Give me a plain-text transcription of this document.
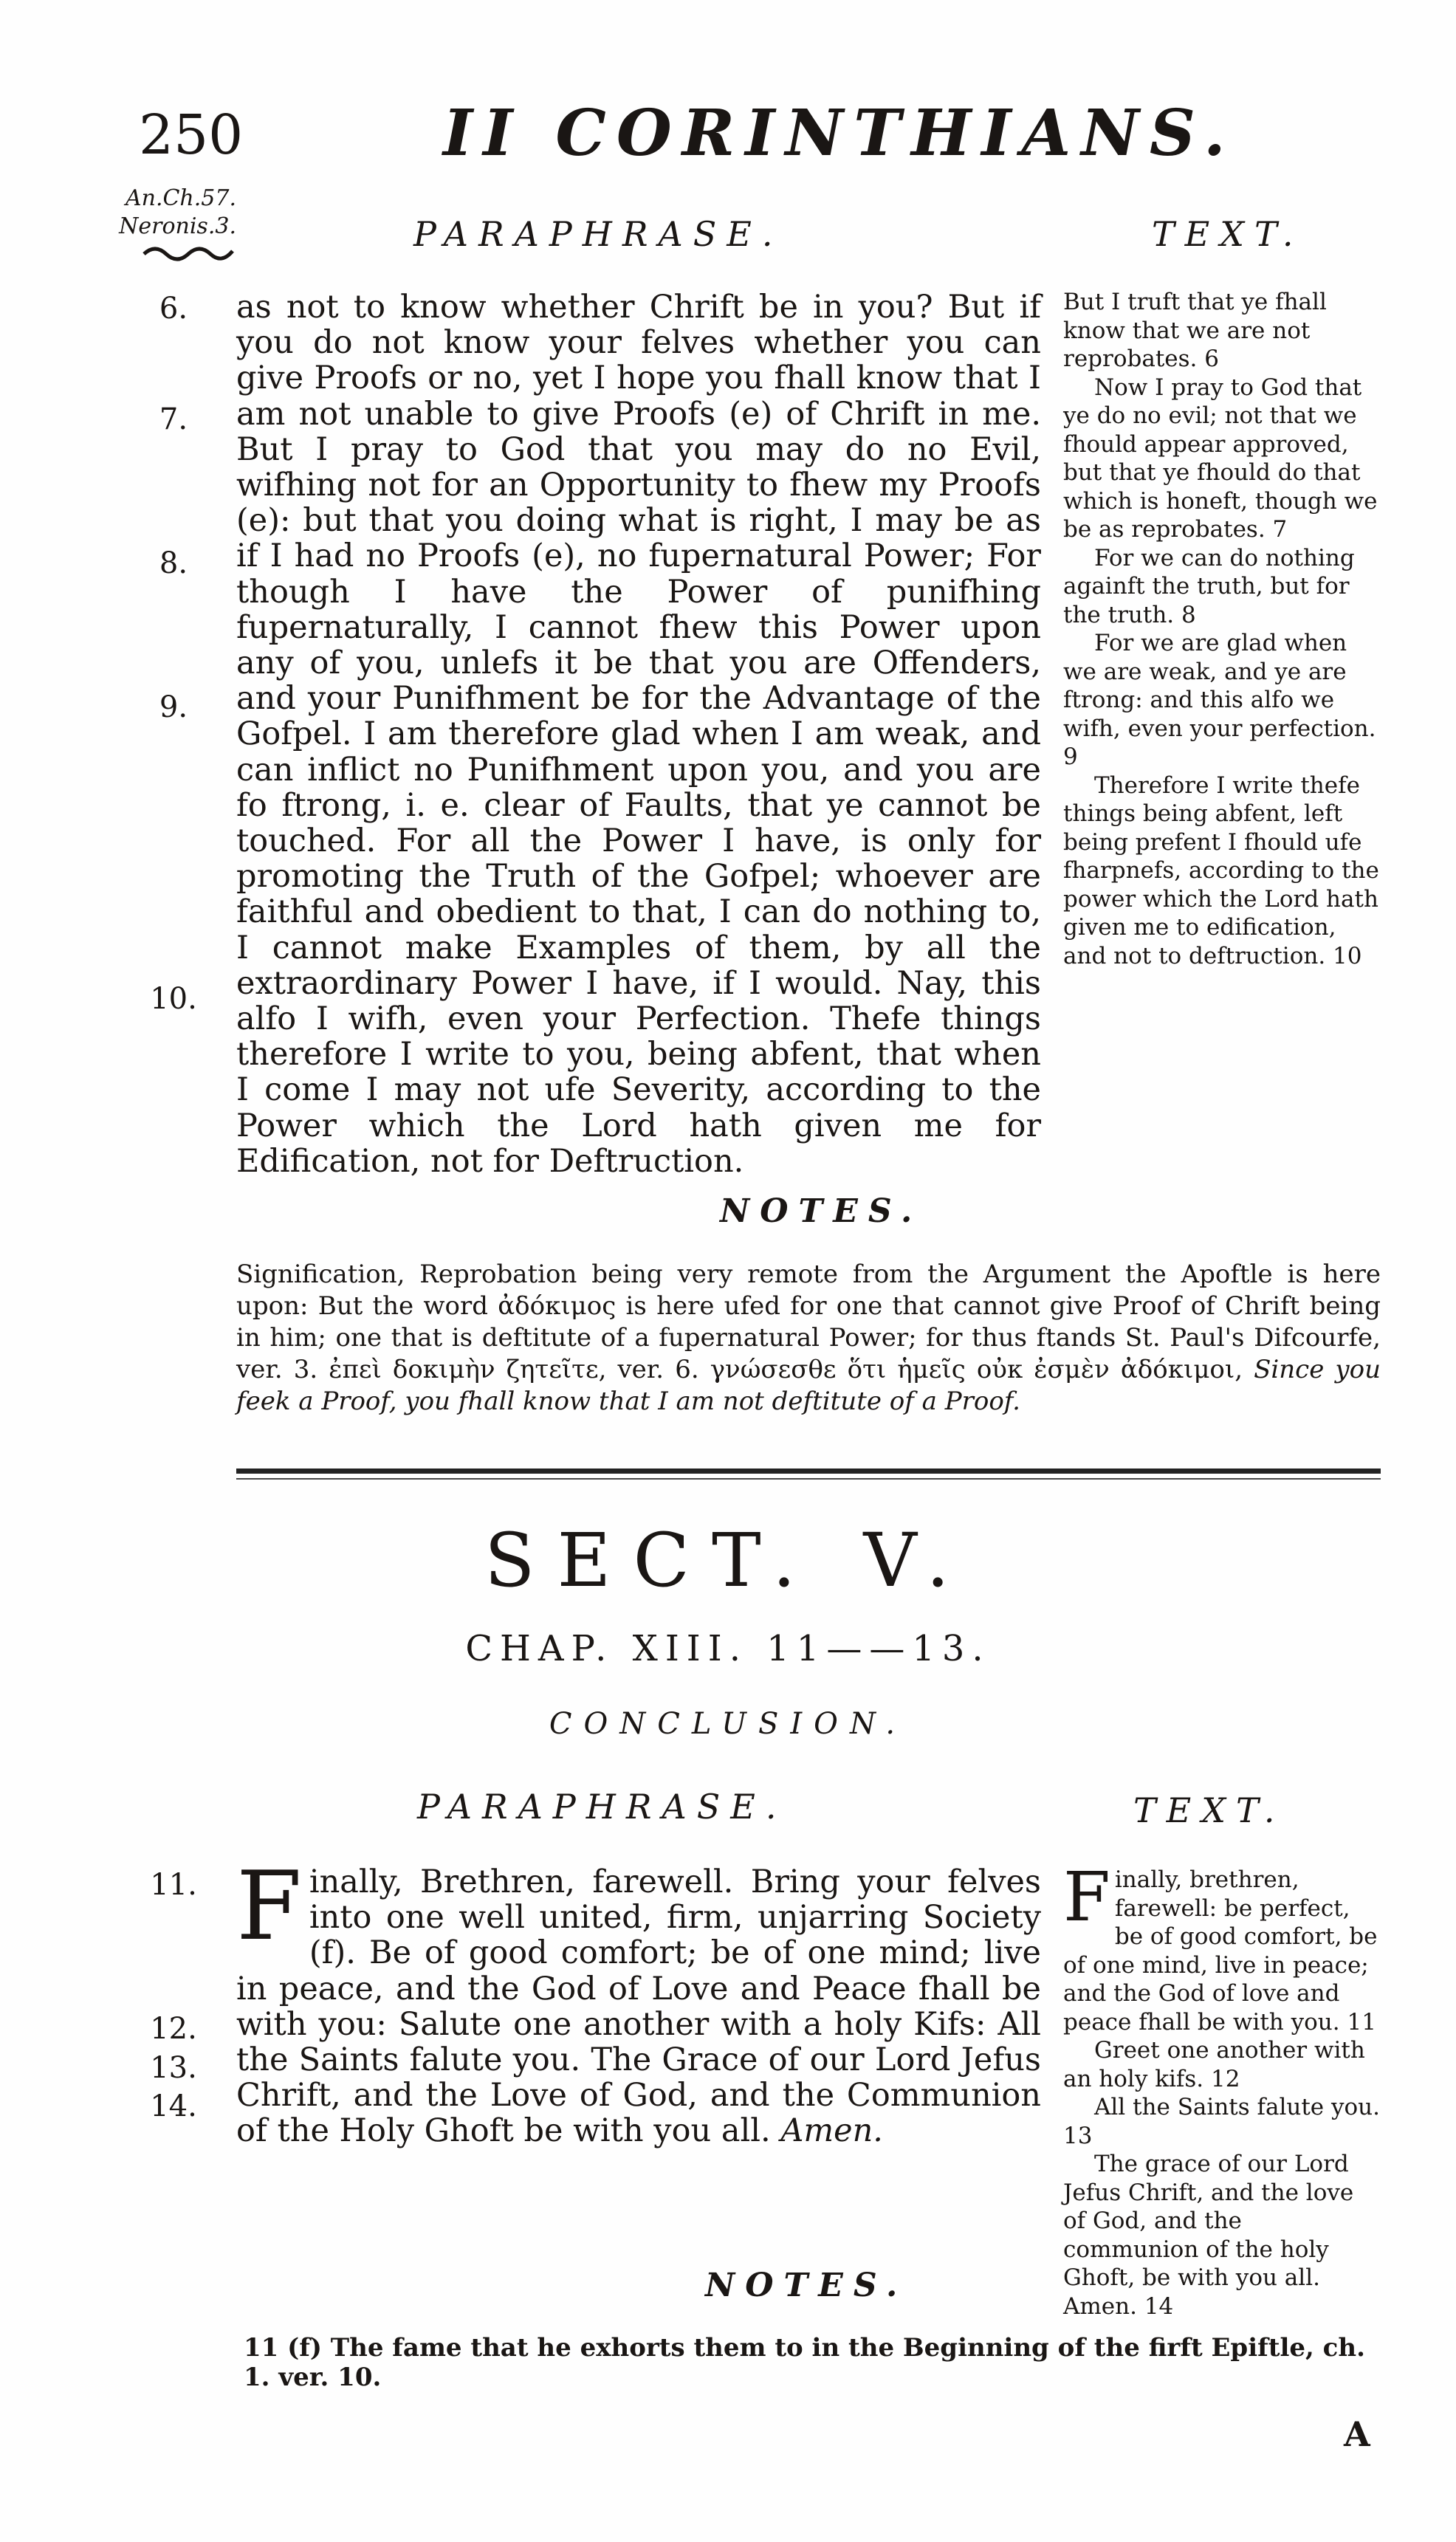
250	II CORINTHIANS.
An.Ch.57.
Neronis.3.	PARAPHRASE.	TEXT.
6.
7.
8.
9.
10.

as not to know whether Chrift be in you? But if you do not know your felves whether you can give Proofs or no, yet I hope you fhall know that I am not unable to give Proofs (e) of Chrift in me. But I pray to God that you may do no Evil, wifhing not for an Opportunity to fhew my Proofs (e): but that you doing what is right, I may be as if I had no Proofs (e), no fupernatural Power; For though I have the Power of punifhing fupernaturally, I cannot fhew this Power upon any of you, unlefs it be that you are Offenders, and your Punifhment be for the Advantage of the Gofpel. I am therefore glad when I am weak, and can inflict no Punifhment upon you, and you are fo ftrong, i. e. clear of Faults, that ye cannot be touched. For all the Power I have, is only for promoting the Truth of the Gofpel; whoever are faithful and obedient to that, I can do nothing to, I cannot make Examples of them, by all the extraordinary Power I have, if I would. Nay, this alfo I wifh, even your Perfection. Thefe things therefore I write to you, being abfent, that when I come I may not ufe Severity, according to the Power which the Lord hath given me for Edification, not for Deftruction.

But I truft that ye fhall know that we are not reprobates. 6

Now I pray to God that ye do no evil; not that we fhould appear approved, but that ye fhould do that which is honeft, though we be as reprobates. 7

For we can do nothing againft the truth, but for the truth. 8

For we are glad when we are weak, and ye are ftrong: and this alfo we wifh, even your perfection. 9

Therefore I write thefe things being abfent, left being prefent I fhould ufe fharpnefs, according to the power which the Lord hath given me to edification, and not to deftruction. 10

NOTES.
Signification, Reprobation being very remote from the Argument the Apoftle is here upon: But the word ἀδόκιμος is here ufed for one that cannot give Proof of Chrift being in him; one that is deftitute of a fupernatural Power; for thus ftands St. Paul's Difcourfe, ver. 3. ἐπεὶ δοκιμὴν ζητεῖτε, ver. 6. γνώσεσθε ὅτι ἡμεῖς οὐκ ἐσμὲν ἀδόκιμοι, Since you feek a Proof, you fhall know that I am not deftitute of a Proof.
SECT. V.
CHAP. XIII. 11——13.
CONCLUSION.
PARAPHRASE.	TEXT.
11.
12.
13.
14.

Finally, Brethren, farewell. Bring your felves into one well united, firm, unjarring Society (f). Be of good comfort; be of one mind; live in peace, and the God of Love and Peace fhall be with you: Salute one another with a holy Kifs: All the Saints falute you. The Grace of our Lord Jefus Chrift, and the Love of God, and the Communion of the Holy Ghoft be with you all. Amen.

Finally, brethren, farewell: be perfect, be of good comfort, be of one mind, live in peace; and the God of love and peace fhall be with you. 11

Greet one another with an holy kifs. 12

All the Saints falute you. 13

The grace of our Lord Jefus Chrift, and the love of God, and the communion of the holy Ghoft, be with you all. Amen. 14

NOTES.
11 (f) The fame that he exhorts them to in the Beginning of the firft Epiftle, ch. 1. ver. 10.
A
